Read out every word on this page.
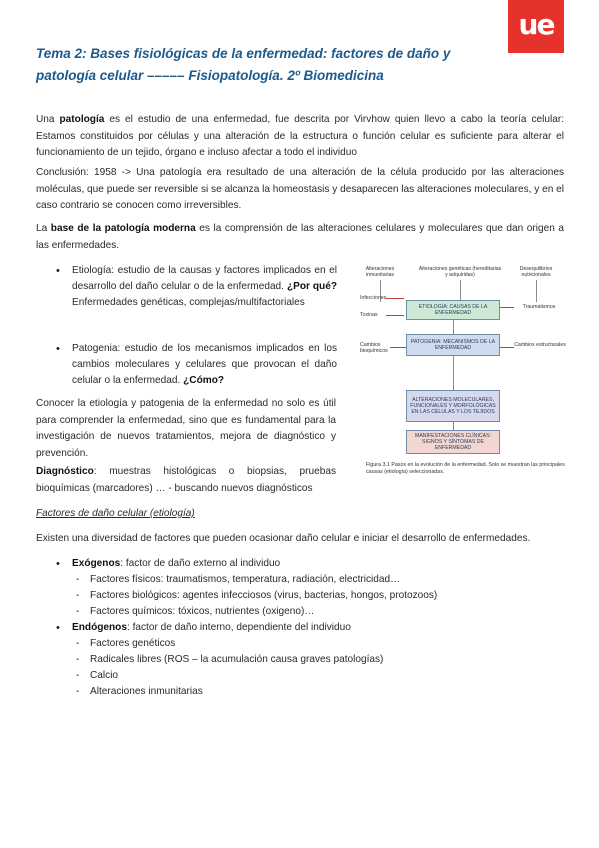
ue
Tema 2: Bases fisiológicas de la enfermedad: factores de daño y
patología celular ––––– Fisiopatología. 2º Biomedicina

Una patología es el estudio de una enfermedad, fue descrita por Virvhow quien llevo a cabo la teoría celular: Estamos constituidos por células y una alteración de la estructura o función celular es suficiente para alterar el funcionamiento de un tejido, órgano e incluso afectar a todo el individuo

Conclusión: 1958 -> Una patología era resultado de una alteración de la célula producido por las alteraciones moléculas, que puede ser reversible si se alcanza la homeostasis y desaparecen las alteraciones moleculares, y en el caso contrario se conocen como irreversibles.

La base de la patología moderna es la comprensión de las alteraciones celulares y moleculares que dan origen a las enfermedades.

• Etiología: estudio de la causas y factores implicados en el desarrollo del daño celular o de la enfermedad. ¿Por qué? Enfermedades genéticas, complejas/multifactoriales

• Patogenia: estudio de los mecanismos implicados en los cambios moleculares y celulares que provocan el daño celular o la enfermedad. ¿Cómo?

Conocer la etiología y patogenia de la enfermedad no solo es útil para comprender la enfermedad, sino que es fundamental para la investigación de nuevos tratamientos, mejora de diagnóstico y prevención.

Diagnóstico: muestras histológicas o biopsias, pruebas bioquímicas (marcadores) … - buscando nuevos diagnósticos

Alteraciones inmunitarias
Alteraciones genéticas (hereditarias y adquiridas)
Desequilibrios nutricionales
Infecciones
Toxinas
Traumatismos
ETIOLOGÍA: CAUSAS DE LA ENFERMEDAD
Cambios bioquímicos
Cambios estructurales
PATOGENIA: MECANISMOS DE LA ENFERMEDAD
ALTERACIONES MOLECULARES, FUNCIONALES Y MORFOLÓGICAS EN LAS CÉLULAS Y LOS TEJIDOS
MANIFESTACIONES CLÍNICAS: SIGNOS Y SÍNTOMAS DE ENFERMEDAD
Figura 3.1 Pasos en la evolución de la enfermedad. Solo se muestran las principales causas (etiología) seleccionadas.

Factores de daño celular (etiología)

Existen una diversidad de factores que pueden ocasionar daño celular e iniciar el desarrollo de enfermedades.

• Exógenos: factor de daño externo al individuo

- Factores físicos: traumatismos, temperatura, radiación, electricidad…

- Factores biológicos: agentes infecciosos (virus, bacterias, hongos, protozoos)

- Factores químicos: tóxicos, nutrientes (oxigeno)…

• Endógenos: factor de daño interno, dependiente del individuo

- Factores genéticos

- Radicales libres (ROS – la acumulación causa graves patologías)

- Calcio

- Alteraciones inmunitarias
